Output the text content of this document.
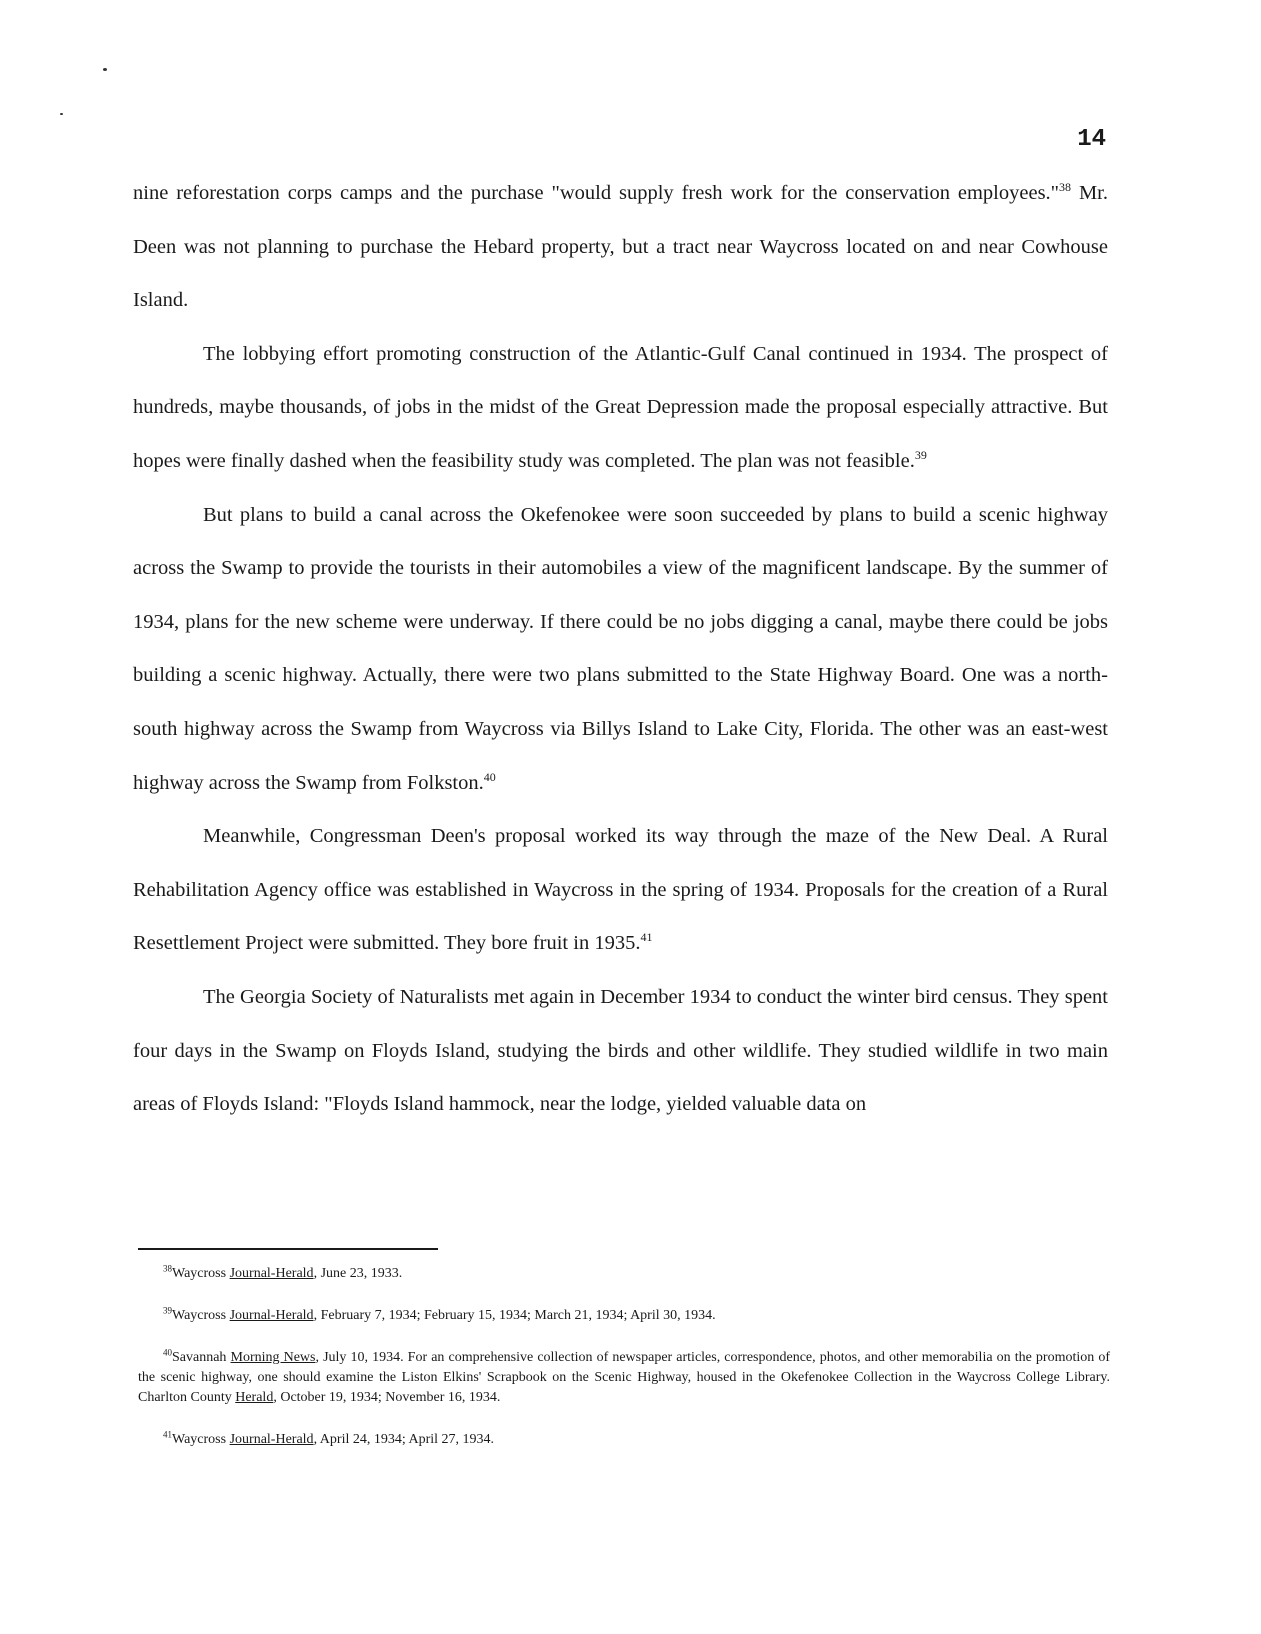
14

nine reforestation corps camps and the purchase "would supply fresh work for the conservation employees."$^{38}$ Mr. Deen was not planning to purchase the Hebard property, but a tract near Waycross located on and near Cowhouse Island.

The lobbying effort promoting construction of the Atlantic-Gulf Canal continued in 1934. The prospect of hundreds, maybe thousands, of jobs in the midst of the Great Depression made the proposal especially attractive. But hopes were finally dashed when the feasibility study was completed. The plan was not feasible.$^{39}$

But plans to build a canal across the Okefenokee were soon succeeded by plans to build a scenic highway across the Swamp to provide the tourists in their automobiles a view of the magnificent landscape. By the summer of 1934, plans for the new scheme were underway. If there could be no jobs digging a canal, maybe there could be jobs building a scenic highway. Actually, there were two plans submitted to the State Highway Board. One was a north-south highway across the Swamp from Waycross via Billys Island to Lake City, Florida. The other was an east-west highway across the Swamp from Folkston.$^{40}$

Meanwhile, Congressman Deen's proposal worked its way through the maze of the New Deal. A Rural Rehabilitation Agency office was established in Waycross in the spring of 1934. Proposals for the creation of a Rural Resettlement Project were submitted. They bore fruit in 1935.41

The Georgia Society of Naturalists met again in December 1934 to conduct the winter bird census. They spent four days in the Swamp on Floyds Island, studying the birds and other wildlife. They studied wildlife in two main areas of Floyds Island: "Floyds Island hammock, near the lodge, yielded valuable data on

$^{38}$Waycross Journal-Herald, June 23, 1933.

$^{39}$Waycross Journal-Herald, February 7, 1934; February 15, 1934; March 21, 1934; April 30, 1934.

$^{40}$Savannah Morning News, July 10, 1934. For an comprehensive collection of newspaper articles, correspondence, photos, and other memorabilia on the promotion of the scenic highway, one should examine the Liston Elkins' Scrapbook on the Scenic Highway, housed in the Okefenokee Collection in the Waycross College Library. Charlton County Herald, October 19, 1934; November 16, 1934.

$^{41}$Waycross Journal-Herald, April 24, 1934; April 27, 1934.
